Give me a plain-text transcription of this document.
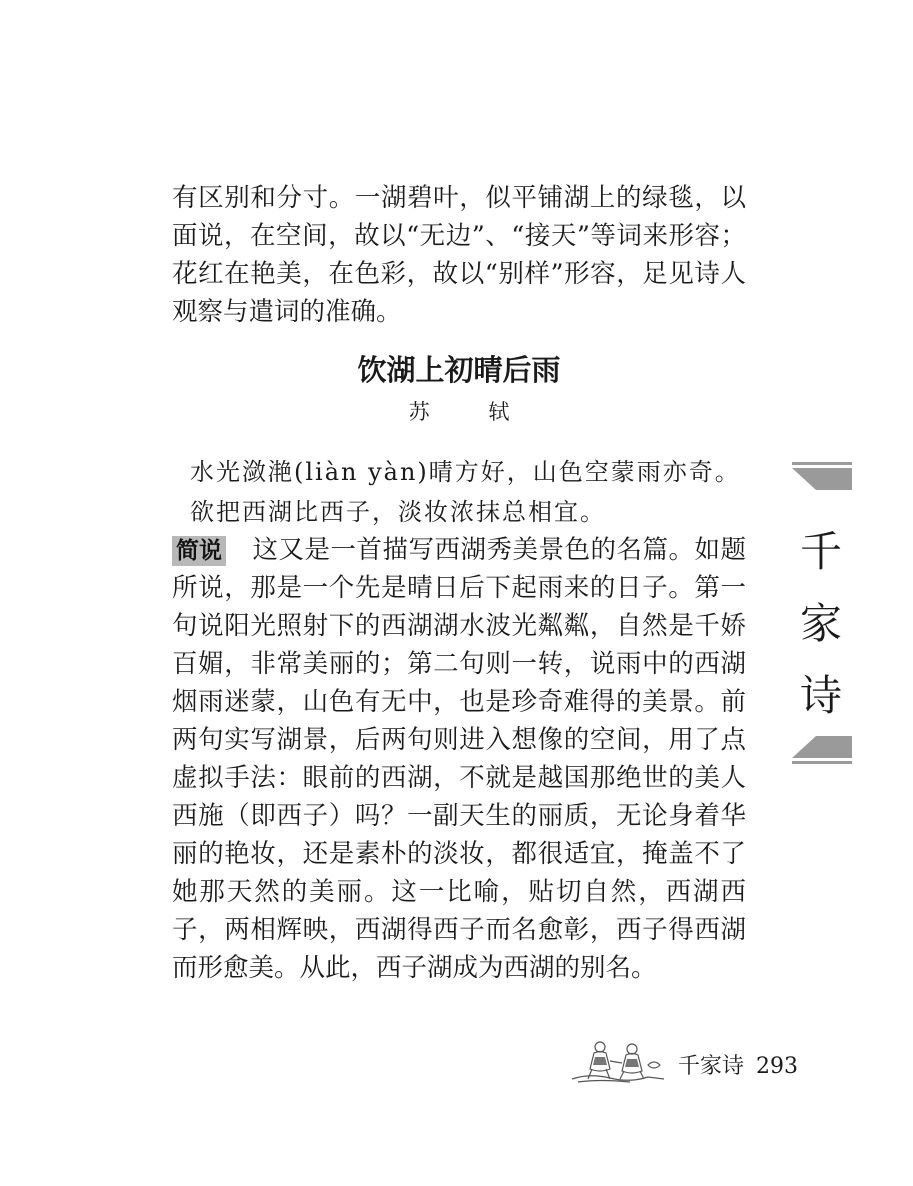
有区别和分寸。一湖碧叶，似平铺湖上的绿毯，以面说，在空间，故以“无边”、“接天”等词来形容；花红在艳美，在色彩，故以“别样”形容，足见诗人观察与遣词的准确。

饮湖上初晴后雨
苏 轼
水光潋滟(liàn yàn)晴方好，山色空蒙雨亦奇。
欲把西湖比西子，淡妆浓抹总相宜。

简说 这又是一首描写西湖秀美景色的名篇。如题所说，那是一个先是晴日后下起雨来的日子。第一句说阳光照射下的西湖湖水波光粼粼，自然是千娇百媚，非常美丽的；第二句则一转，说雨中的西湖烟雨迷蒙，山色有无中，也是珍奇难得的美景。前两句实写湖景，后两句则进入想像的空间，用了点虚拟手法：眼前的西湖，不就是越国那绝世的美人西施（即西子）吗？一副天生的丽质，无论身着华丽的艳妆，还是素朴的淡妆，都很适宜，掩盖不了她那天然的美丽。这一比喻，贴切自然，西湖西子，两相辉映，西湖得西子而名愈彰，西子得西湖而形愈美。从此，西子湖成为西湖的别名。

千
家
诗
千家诗 293
